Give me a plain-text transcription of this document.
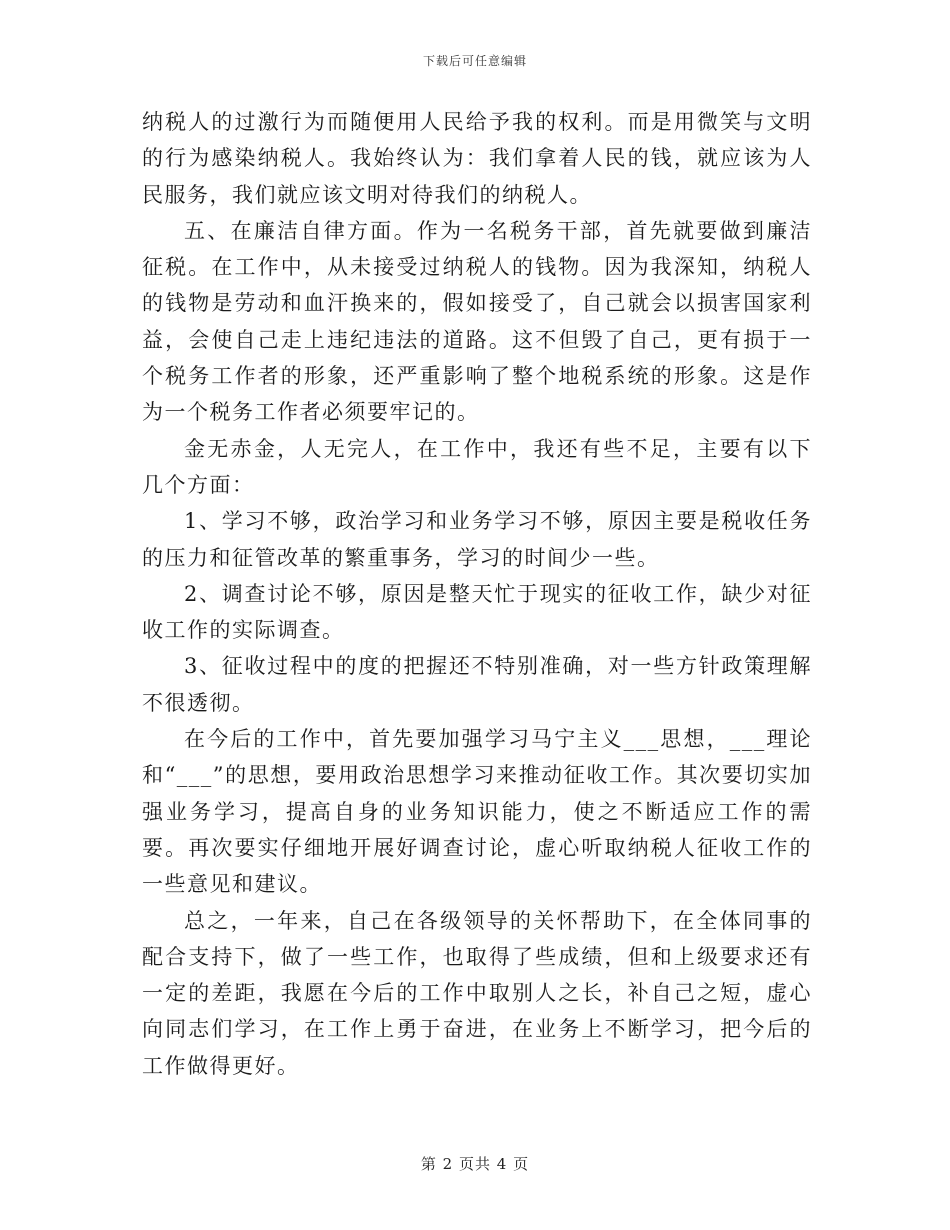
下载后可任意编辑

纳税人的过激行为而随便用人民给予我的权利。而是用微笑与文明的行为感染纳税人。我始终认为：我们拿着人民的钱，就应该为人民服务，我们就应该文明对待我们的纳税人。

五、在廉洁自律方面。作为一名税务干部，首先就要做到廉洁征税。在工作中，从未接受过纳税人的钱物。因为我深知，纳税人的钱物是劳动和血汗换来的，假如接受了，自己就会以损害国家利益，会使自己走上违纪违法的道路。这不但毁了自己，更有损于一个税务工作者的形象，还严重影响了整个地税系统的形象。这是作为一个税务工作者必须要牢记的。

金无赤金，人无完人，在工作中，我还有些不足，主要有以下几个方面：

1、学习不够，政治学习和业务学习不够，原因主要是税收任务的压力和征管改革的繁重事务，学习的时间少一些。

2、调查讨论不够，原因是整天忙于现实的征收工作，缺少对征收工作的实际调查。

3、征收过程中的度的把握还不特别准确，对一些方针政策理解不很透彻。

在今后的工作中，首先要加强学习马宁主义___思想，___理论和“___”的思想，要用政治思想学习来推动征收工作。其次要切实加强业务学习，提高自身的业务知识能力，使之不断适应工作的需要。再次要实仔细地开展好调查讨论，虚心听取纳税人征收工作的一些意见和建议。

总之，一年来，自己在各级领导的关怀帮助下，在全体同事的配合支持下，做了一些工作，也取得了些成绩，但和上级要求还有一定的差距，我愿在今后的工作中取别人之长，补自己之短，虚心向同志们学习，在工作上勇于奋进，在业务上不断学习，把今后的工作做得更好。

第 2 页共 4 页
